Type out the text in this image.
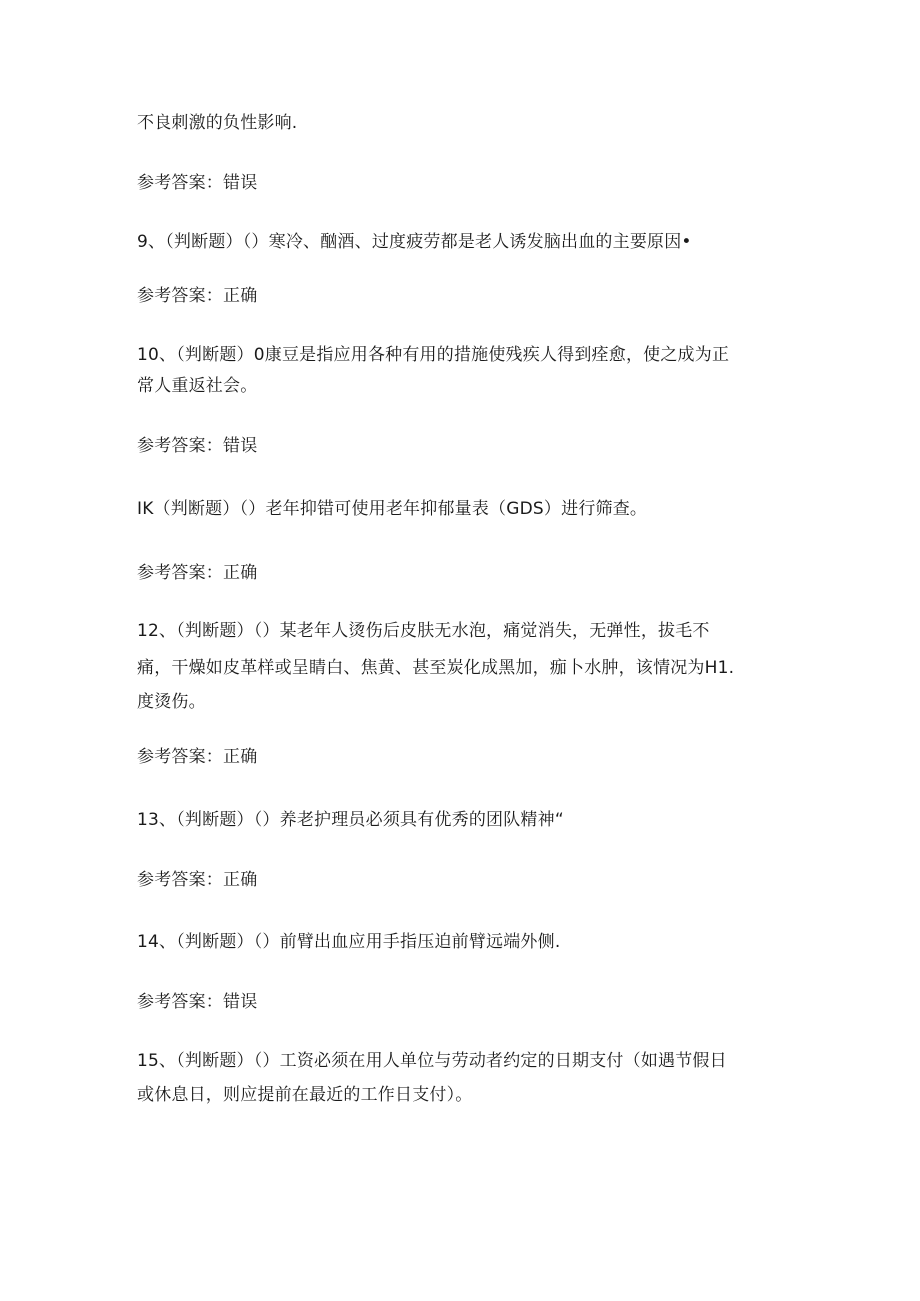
不良刺激的负性影响.
参考答案：错误
9、（判断题）（）寒冷、酗酒、过度疲劳都是老人诱发脑出血的主要原因•
参考答案：正确
10、（判断题）0康豆是指应用各种有用的措施使残疾人得到痊愈，使之成为正
常人重返社会。
参考答案：错误
IK（判断题）（）老年抑错可使用老年抑郁量表（GDS）进行筛查。
参考答案：正确
12、（判断题）（）某老年人烫伤后皮肤无水泡，痛觉消失，无弹性，拔毛不
痛，干燥如皮革样或呈睛白、焦黄、甚至炭化成黑加，痂卜水肿，该情况为H1.
度烫伤。
参考答案：正确
13、（判断题）（）养老护理员必须具有优秀的团队精神“
参考答案：正确
14、（判断题）（）前臂出血应用手指压迫前臂远端外侧.
参考答案：错误
15、（判断题）（）工资必须在用人单位与劳动者约定的日期支付（如遇节假日
或休息日，则应提前在最近的工作日支付）。
